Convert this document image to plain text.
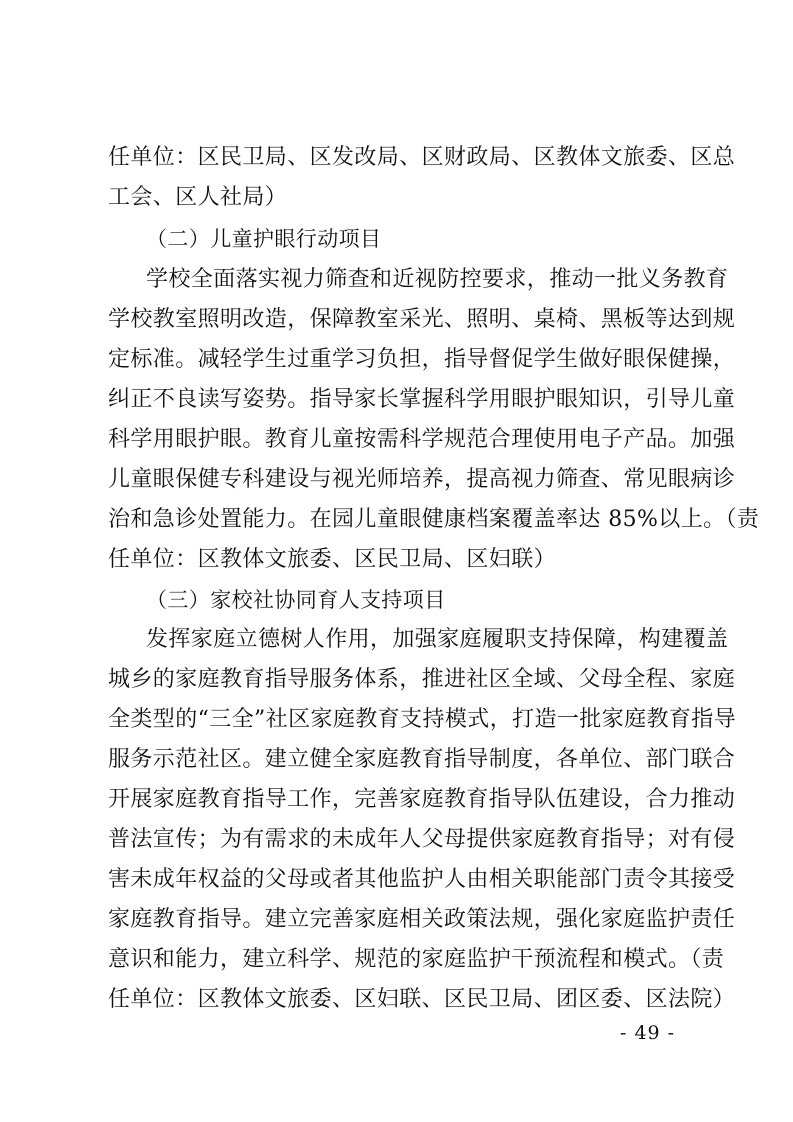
任单位：区民卫局、区发改局、区财政局、区教体文旅委、区总
工会、区人社局）
（二）儿童护眼行动项目
学校全面落实视力筛查和近视防控要求，推动一批义务教育
学校教室照明改造，保障教室采光、照明、桌椅、黑板等达到规
定标准。减轻学生过重学习负担，指导督促学生做好眼保健操，
纠正不良读写姿势。指导家长掌握科学用眼护眼知识，引导儿童
科学用眼护眼。教育儿童按需科学规范合理使用电子产品。加强
儿童眼保健专科建设与视光师培养，提高视力筛查、常见眼病诊
治和急诊处置能力。在园儿童眼健康档案覆盖率达 85%以上。（责
任单位：区教体文旅委、区民卫局、区妇联）
（三）家校社协同育人支持项目
发挥家庭立德树人作用，加强家庭履职支持保障，构建覆盖
城乡的家庭教育指导服务体系，推进社区全域、父母全程、家庭
全类型的“三全”社区家庭教育支持模式，打造一批家庭教育指导
服务示范社区。建立健全家庭教育指导制度，各单位、部门联合
开展家庭教育指导工作，完善家庭教育指导队伍建设，合力推动
普法宣传；为有需求的未成年人父母提供家庭教育指导；对有侵
害未成年权益的父母或者其他监护人由相关职能部门责令其接受
家庭教育指导。建立完善家庭相关政策法规，强化家庭监护责任
意识和能力，建立科学、规范的家庭监护干预流程和模式。（责
任单位：区教体文旅委、区妇联、区民卫局、团区委、区法院）
- 49 -
